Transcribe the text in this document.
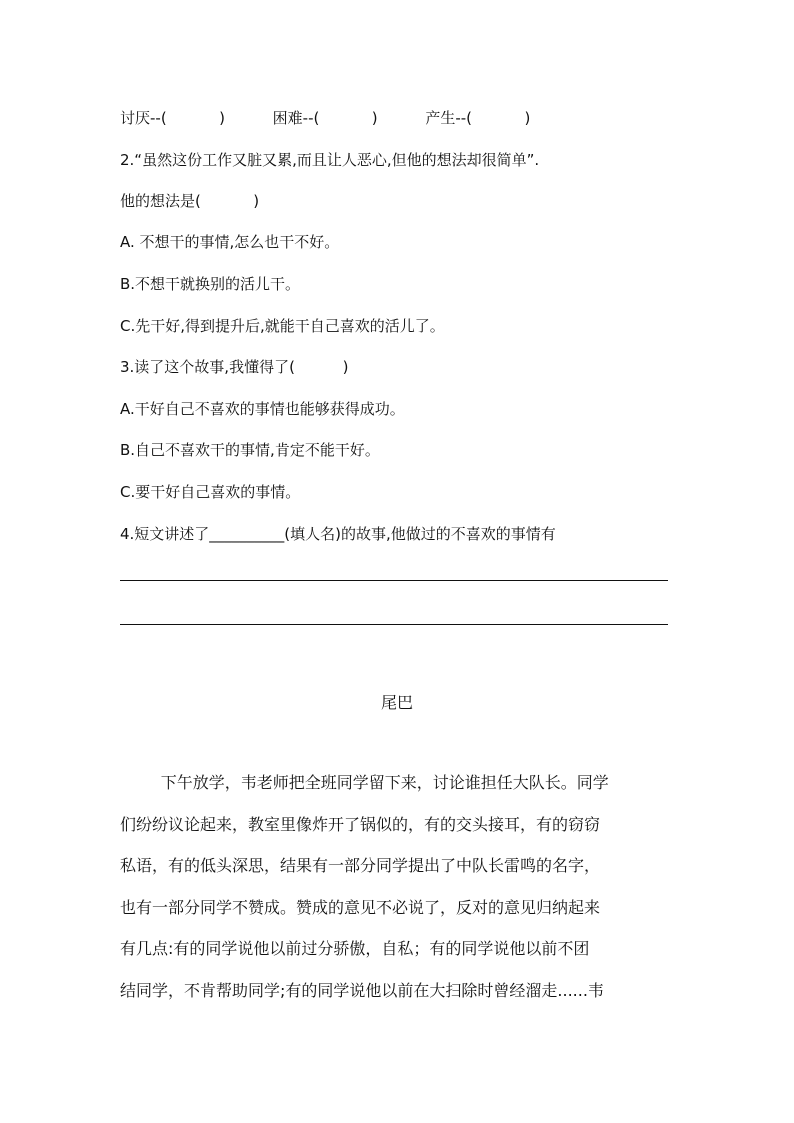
讨厌--(           )          困难--(           )          产生--(           )
2.“虽然这份工作又脏又累,而且让人恶心,但他的想法却很简单”.
他的想法是(           )
A. 不想干的事情,怎么也干不好。
B.不想干就换别的活儿干。
C.先干好,得到提升后,就能干自己喜欢的活儿了。
3.读了这个故事,我懂得了(          )
A.干好自己不喜欢的事情也能够获得成功。
B.自己不喜欢干的事情,肯定不能干好。
C.要干好自己喜欢的事情。
4.短文讲述了__________(填人名)的故事,他做过的不喜欢的事情有
尾巴
下午放学，韦老师把全班同学留下来，讨论谁担任大队长。同学
们纷纷议论起来，教室里像炸开了锅似的，有的交头接耳，有的窃窃
私语，有的低头深思，结果有一部分同学提出了中队长雷鸣的名字，
也有一部分同学不赞成。赞成的意见不必说了，反对的意见归纳起来
有几点:有的同学说他以前过分骄傲，自私；有的同学说他以前不团
结同学，不肯帮助同学;有的同学说他以前在大扫除时曾经溜走......韦
